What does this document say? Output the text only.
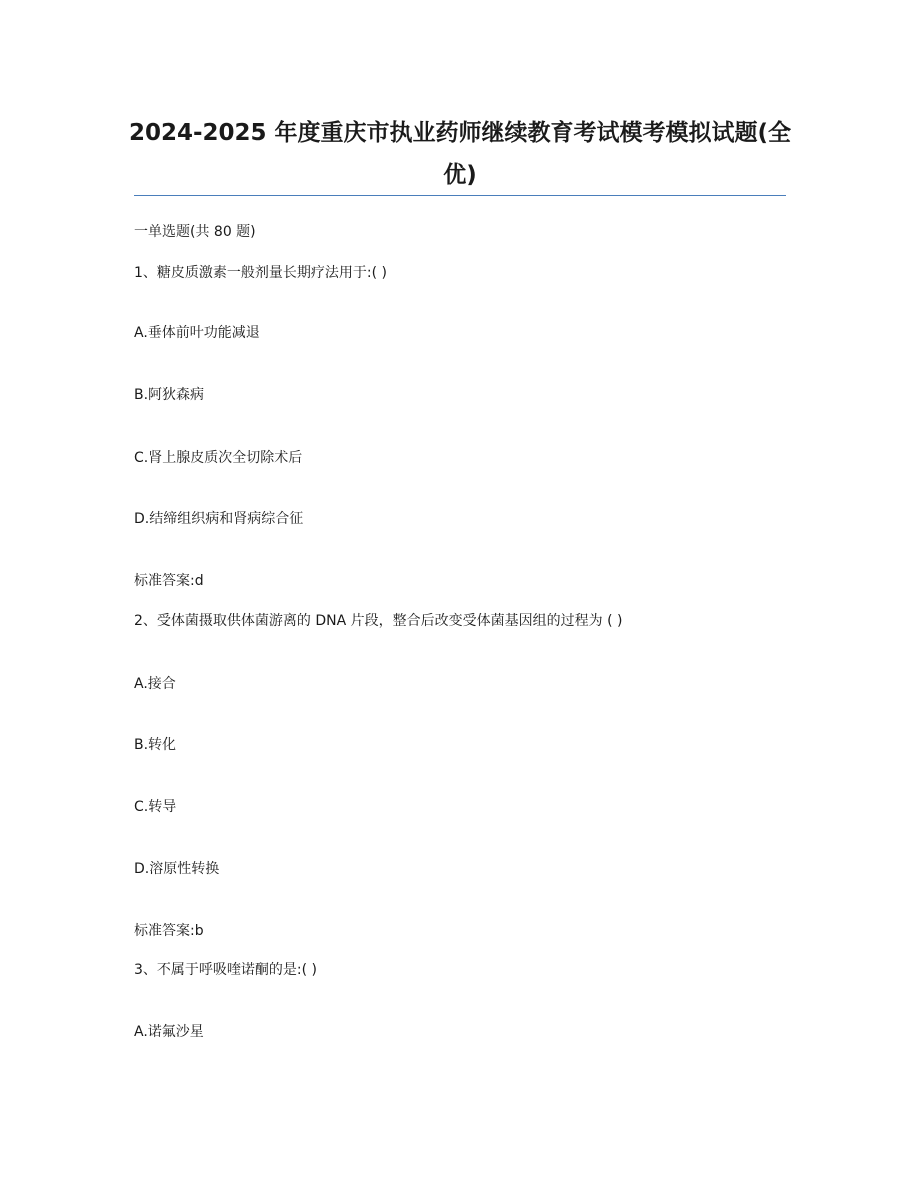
2024-2025 年度重庆市执业药师继续教育考试模考模拟试题(全优)
一单选题(共 80 题)
1、糖皮质激素一般剂量长期疗法用于:( )
A.垂体前叶功能减退
B.阿狄森病
C.肾上腺皮质次全切除术后
D.结缔组织病和肾病综合征
标准答案:d
2、受体菌摄取供体菌游离的 DNA 片段，整合后改变受体菌基因组的过程为 ( )
A.接合
B.转化
C.转导
D.溶原性转换
标准答案:b
3、不属于呼吸喹诺酮的是:( )
A.诺氟沙星
